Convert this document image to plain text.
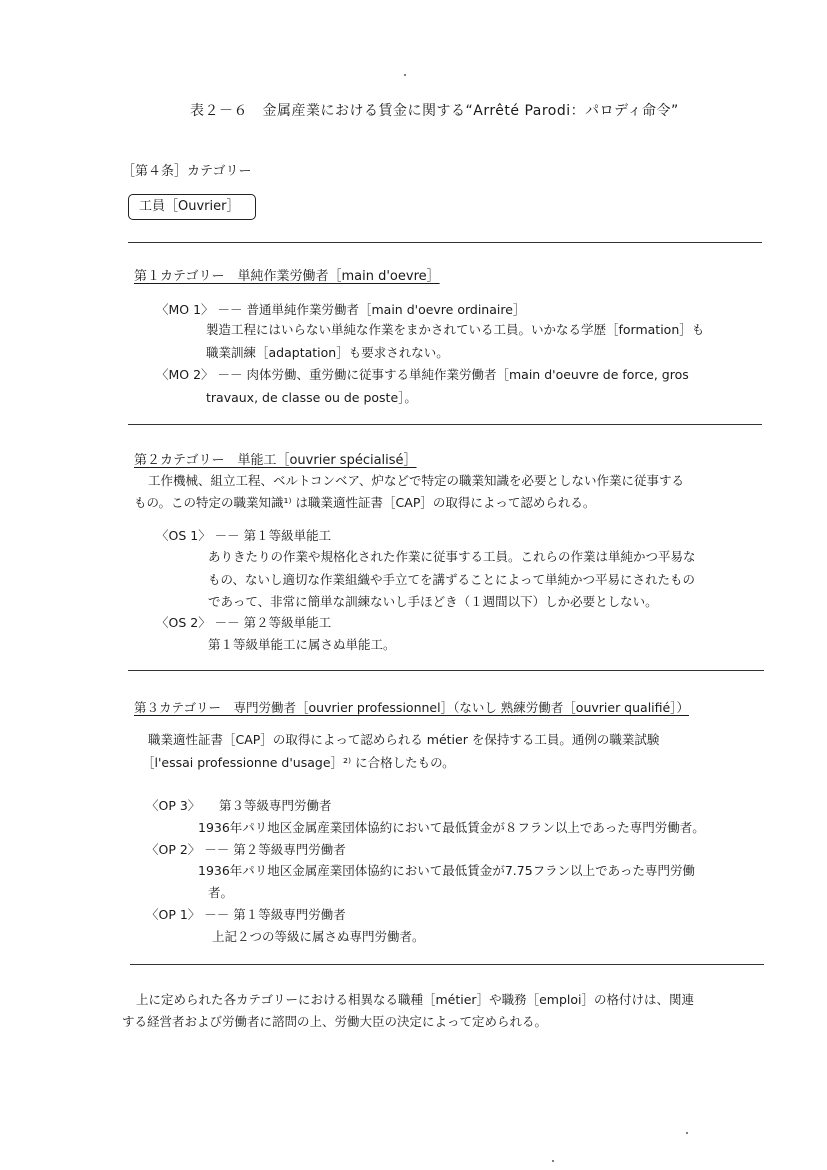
表２－６　金属産業における賃金に関する“Arrêté Parodi：パロディ命令”
［第４条］カテゴリー
工員［Ouvrier］
第１カテゴリー　単純作業労働者［main d'oevre］
〈MO 1〉 －－ 普通単純作業労働者［main d'oevre ordinaire］
製造工程にはいらない単純な作業をまかされている工員。いかなる学歴［formation］も
職業訓練［adaptation］も要求されない。
〈MO 2〉 －－ 肉体労働、重労働に従事する単純作業労働者［main d'oeuvre de force, gros
travaux, de classe ou de poste］。
第２カテゴリー　単能工［ouvrier spécialisé］
工作機械、組立工程、ベルトコンベア、炉などで特定の職業知識を必要としない作業に従事する
もの。この特定の職業知識¹⁾ は職業適性証書［CAP］の取得によって認められる。
〈OS 1〉 －－ 第１等級単能工
ありきたりの作業や規格化された作業に従事する工員。これらの作業は単純かつ平易な
もの、ないし適切な作業組織や手立てを講ずることによって単純かつ平易にされたもの
であって、非常に簡単な訓練ないし手ほどき（１週間以下）しか必要としない。
〈OS 2〉 －－ 第２等級単能工
第１等級単能工に属さぬ単能工。
第３カテゴリー　専門労働者［ouvrier professionnel］（ないし 熟練労働者［ouvrier qualifié］）
職業適性証書［CAP］の取得によって認められる métier を保持する工員。通例の職業試験
［l'essai professionne d'usage］²⁾ に合格したもの。
〈OP 3〉　　第３等級専門労働者
1936年パリ地区金属産業団体協約において最低賃金が８フラン以上であった専門労働者。
〈OP 2〉 －－ 第２等級専門労働者
1936年パリ地区金属産業団体協約において最低賃金が7.75フラン以上であった専門労働
者。
〈OP 1〉 －－ 第１等級専門労働者
上記２つの等級に属さぬ専門労働者。
上に定められた各カテゴリーにおける相異なる職種［métier］や職務［emploi］の格付けは、関連
する経営者および労働者に諮問の上、労働大臣の決定によって定められる。
